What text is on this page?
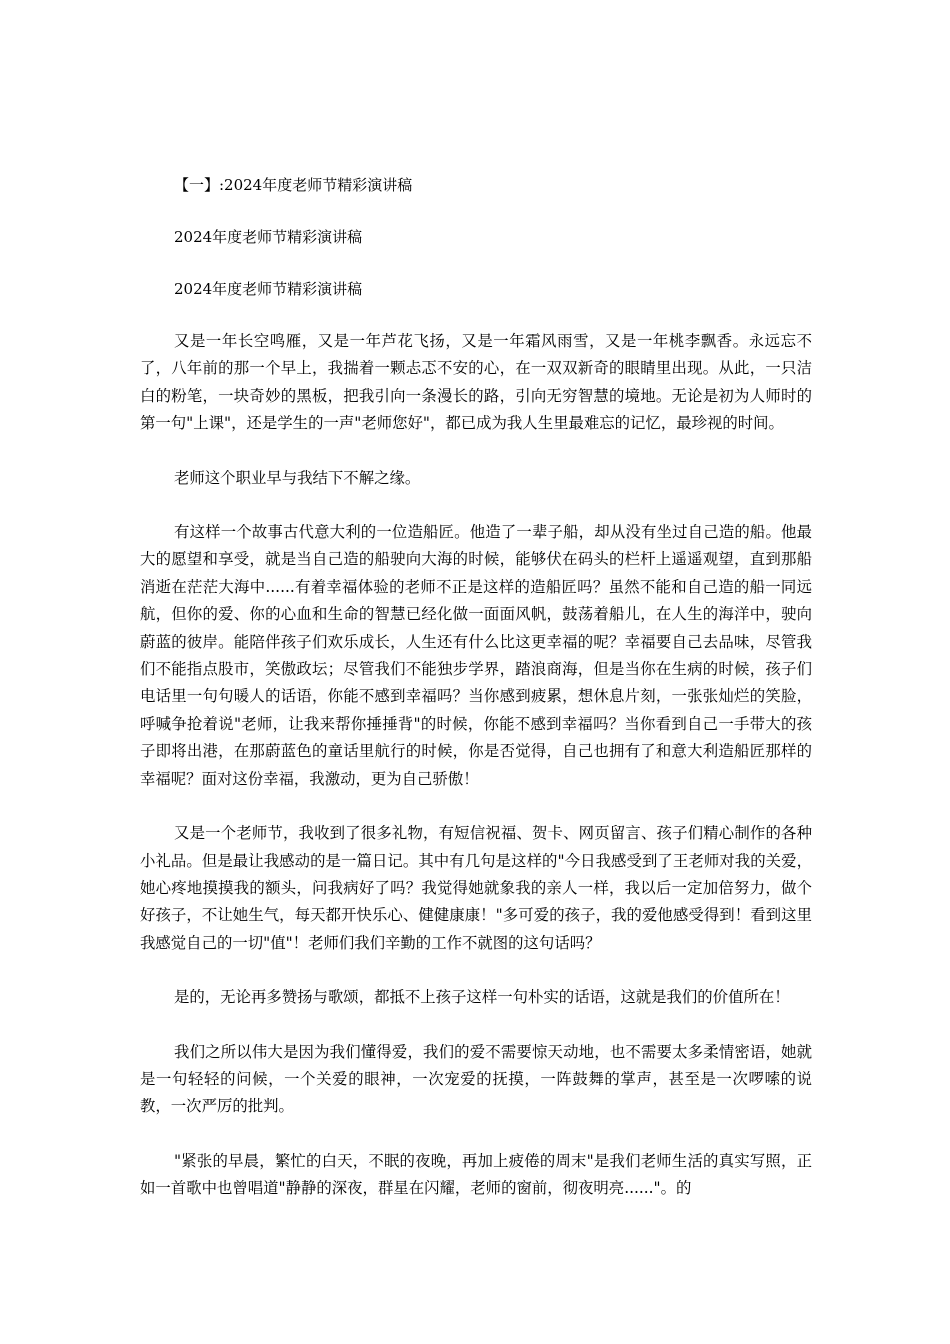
【一】:2024年度老师节精彩演讲稿

2024年度老师节精彩演讲稿

2024年度老师节精彩演讲稿

又是一年长空鸣雁，又是一年芦花飞扬，又是一年霜风雨雪，又是一年桃李飘香。永远忘不了，八年前的那一个早上，我揣着一颗忐忑不安的心，在一双双新奇的眼睛里出现。从此，一只洁白的粉笔，一块奇妙的黑板，把我引向一条漫长的路，引向无穷智慧的境地。无论是初为人师时的第一句"上课"，还是学生的一声"老师您好"，都已成为我人生里最难忘的记忆，最珍视的时间。

老师这个职业早与我结下不解之缘。

有这样一个故事古代意大利的一位造船匠。他造了一辈子船，却从没有坐过自己造的船。他最大的愿望和享受，就是当自己造的船驶向大海的时候，能够伏在码头的栏杆上遥遥观望，直到那船消逝在茫茫大海中......有着幸福体验的老师不正是这样的造船匠吗？虽然不能和自己造的船一同远航，但你的爱、你的心血和生命的智慧已经化做一面面风帆，鼓荡着船儿，在人生的海洋中，驶向蔚蓝的彼岸。能陪伴孩子们欢乐成长，人生还有什么比这更幸福的呢？幸福要自己去品味，尽管我们不能指点股市，笑傲政坛；尽管我们不能独步学界，踏浪商海，但是当你在生病的时候，孩子们电话里一句句暖人的话语，你能不感到幸福吗？当你感到疲累，想休息片刻，一张张灿烂的笑脸，呼喊争抢着说"老师，让我来帮你捶捶背"的时候，你能不感到幸福吗？当你看到自己一手带大的孩子即将出港，在那蔚蓝色的童话里航行的时候，你是否觉得，自己也拥有了和意大利造船匠那样的幸福呢？面对这份幸福，我激动，更为自己骄傲！

又是一个老师节，我收到了很多礼物，有短信祝福、贺卡、网页留言、孩子们精心制作的各种小礼品。但是最让我感动的是一篇日记。其中有几句是这样的"今日我感受到了王老师对我的关爱，她心疼地摸摸我的额头，问我病好了吗？我觉得她就象我的亲人一样，我以后一定加倍努力，做个好孩子，不让她生气，每天都开快乐心、健健康康！"多可爱的孩子，我的爱他感受得到！看到这里我感觉自己的一切"值"！老师们我们辛勤的工作不就图的这句话吗？

是的，无论再多赞扬与歌颂，都抵不上孩子这样一句朴实的话语，这就是我们的价值所在！

我们之所以伟大是因为我们懂得爱，我们的爱不需要惊天动地，也不需要太多柔情密语，她就是一句轻轻的问候，一个关爱的眼神，一次宠爱的抚摸，一阵鼓舞的掌声，甚至是一次啰嗦的说教，一次严厉的批判。

"紧张的早晨，繁忙的白天，不眠的夜晚，再加上疲倦的周末"是我们老师生活的真实写照，正如一首歌中也曾唱道"静静的深夜，群星在闪耀，老师的窗前，彻夜明亮......"。的
